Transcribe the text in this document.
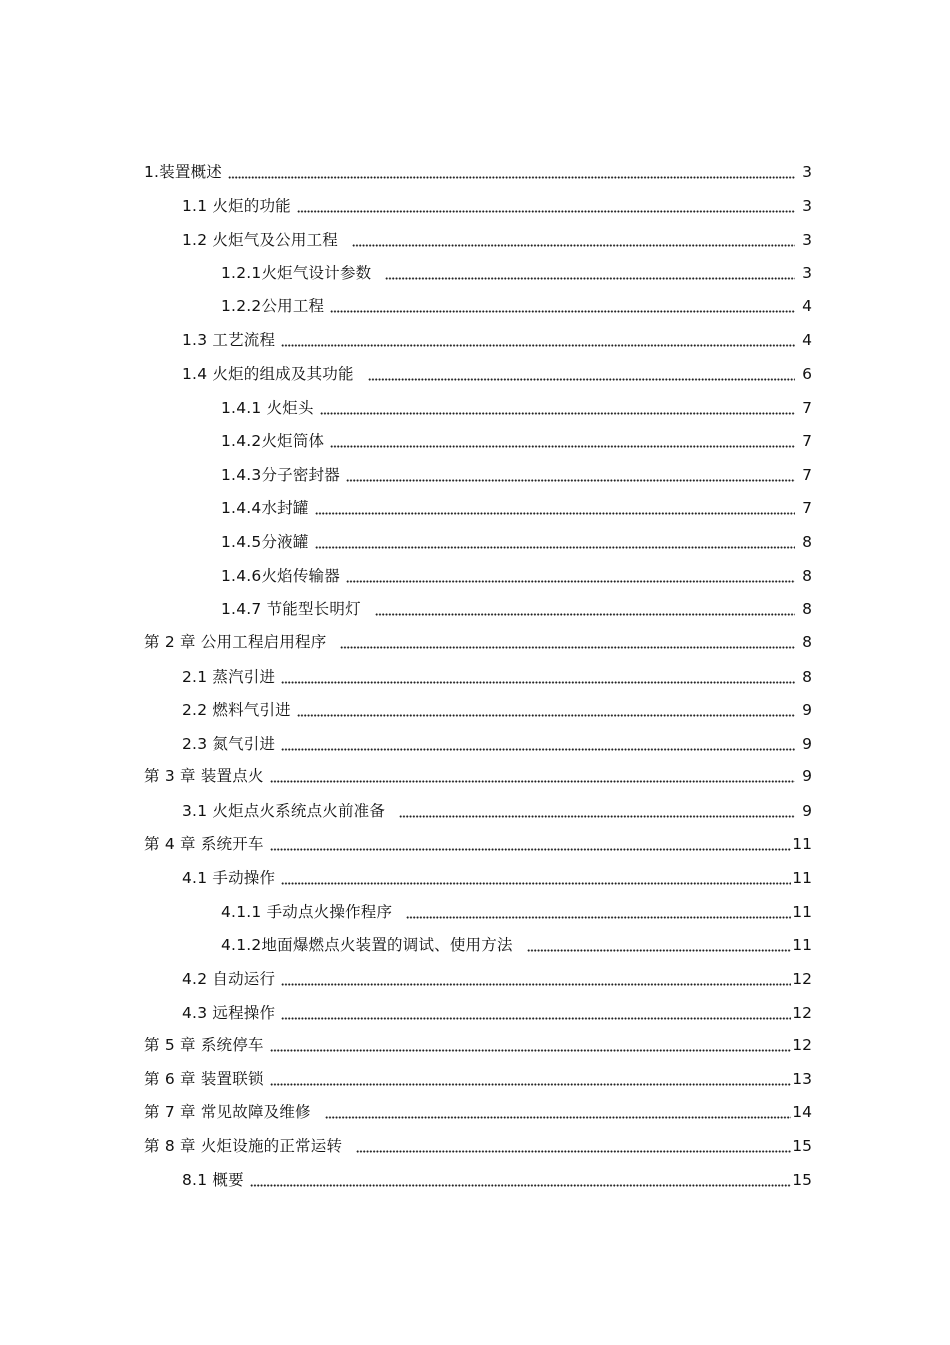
1.装置概述	3
1.1 火炬的功能	3
1.2 火炬气及公用工程	3
1.2.1火炬气设计参数	3
1.2.2公用工程	4
1.3 工艺流程	4
1.4 火炬的组成及其功能	6
1.4.1 火炬头	7
1.4.2火炬筒体	7
1.4.3分子密封器	7
1.4.4水封罐	7
1.4.5分液罐	8
1.4.6火焰传输器	8
1.4.7 节能型长明灯	8
第 2 章 公用工程启用程序	8
2.1 蒸汽引进	8
2.2 燃料气引进	9
2.3 氮气引进	9
第 3 章 装置点火	9
3.1 火炬点火系统点火前准备	9
第 4 章 系统开车	11
4.1 手动操作	11
4.1.1 手动点火操作程序	11
4.1.2地面爆燃点火装置的调试、使用方法	11
4.2 自动运行	12
4.3 远程操作	12
第 5 章 系统停车	12
第 6 章 装置联锁	13
第 7 章 常见故障及维修	14
第 8 章 火炬设施的正常运转	15
8.1 概要	15
